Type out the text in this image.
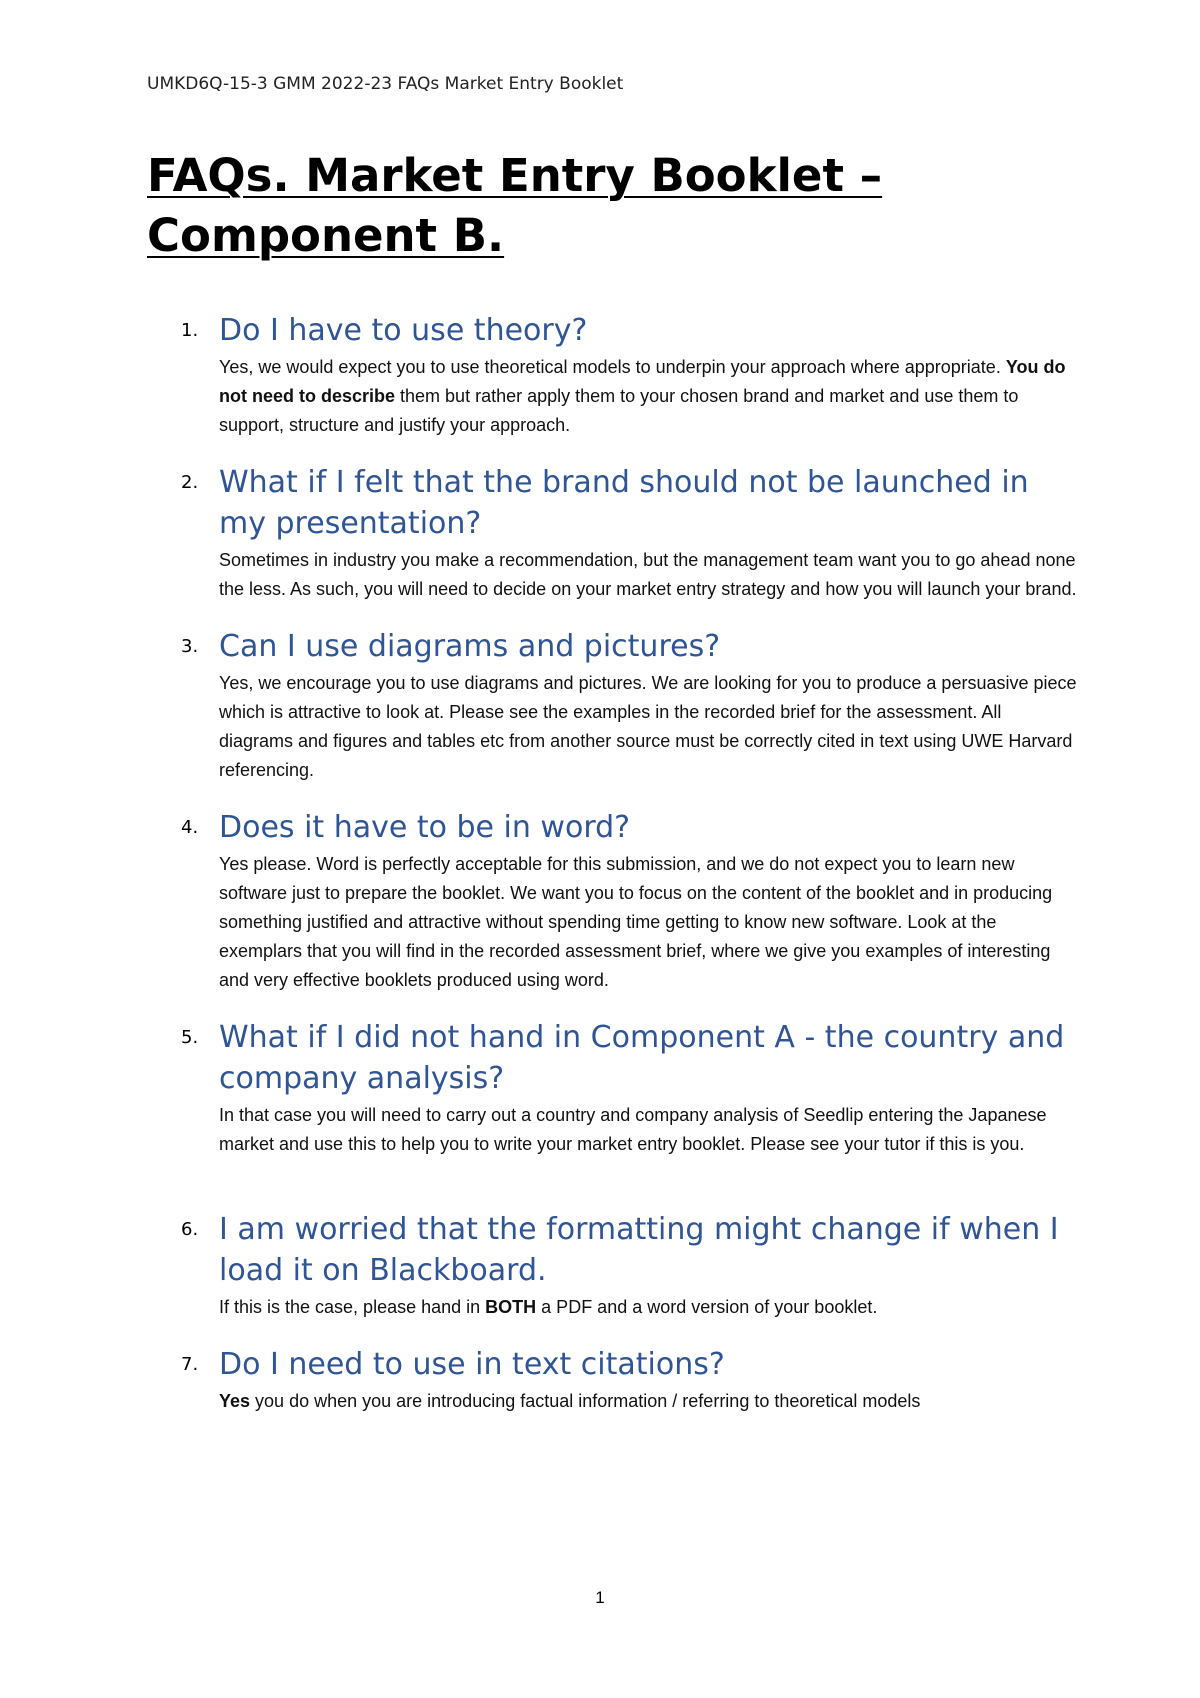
UMKD6Q-15-3 GMM 2022-23 FAQs Market Entry Booklet
FAQs. Market Entry Booklet – Component B.
1. Do I have to use theory?

Yes, we would expect you to use theoretical models to underpin your approach where appropriate. You do not need to describe them but rather apply them to your chosen brand and market and use them to support, structure and justify your approach.

2. What if I felt that the brand should not be launched in my presentation?

Sometimes in industry you make a recommendation, but the management team want you to go ahead none the less. As such, you will need to decide on your market entry strategy and how you will launch your brand.

3. Can I use diagrams and pictures?

Yes, we encourage you to use diagrams and pictures. We are looking for you to produce a persuasive piece which is attractive to look at. Please see the examples in the recorded brief for the assessment. All diagrams and figures and tables etc from another source must be correctly cited in text using UWE Harvard referencing.

4. Does it have to be in word?

Yes please. Word is perfectly acceptable for this submission, and we do not expect you to learn new software just to prepare the booklet. We want you to focus on the content of the booklet and in producing something justified and attractive without spending time getting to know new software. Look at the exemplars that you will find in the recorded assessment brief, where we give you examples of interesting and very effective booklets produced using word.

5. What if I did not hand in Component A - the country and company analysis?

In that case you will need to carry out a country and company analysis of Seedlip entering the Japanese market and use this to help you to write your market entry booklet. Please see your tutor if this is you.

6. I am worried that the formatting might change if when I load it on Blackboard.

If this is the case, please hand in BOTH a PDF and a word version of your booklet.

7. Do I need to use in text citations?

Yes you do when you are introducing factual information / referring to theoretical models

1
